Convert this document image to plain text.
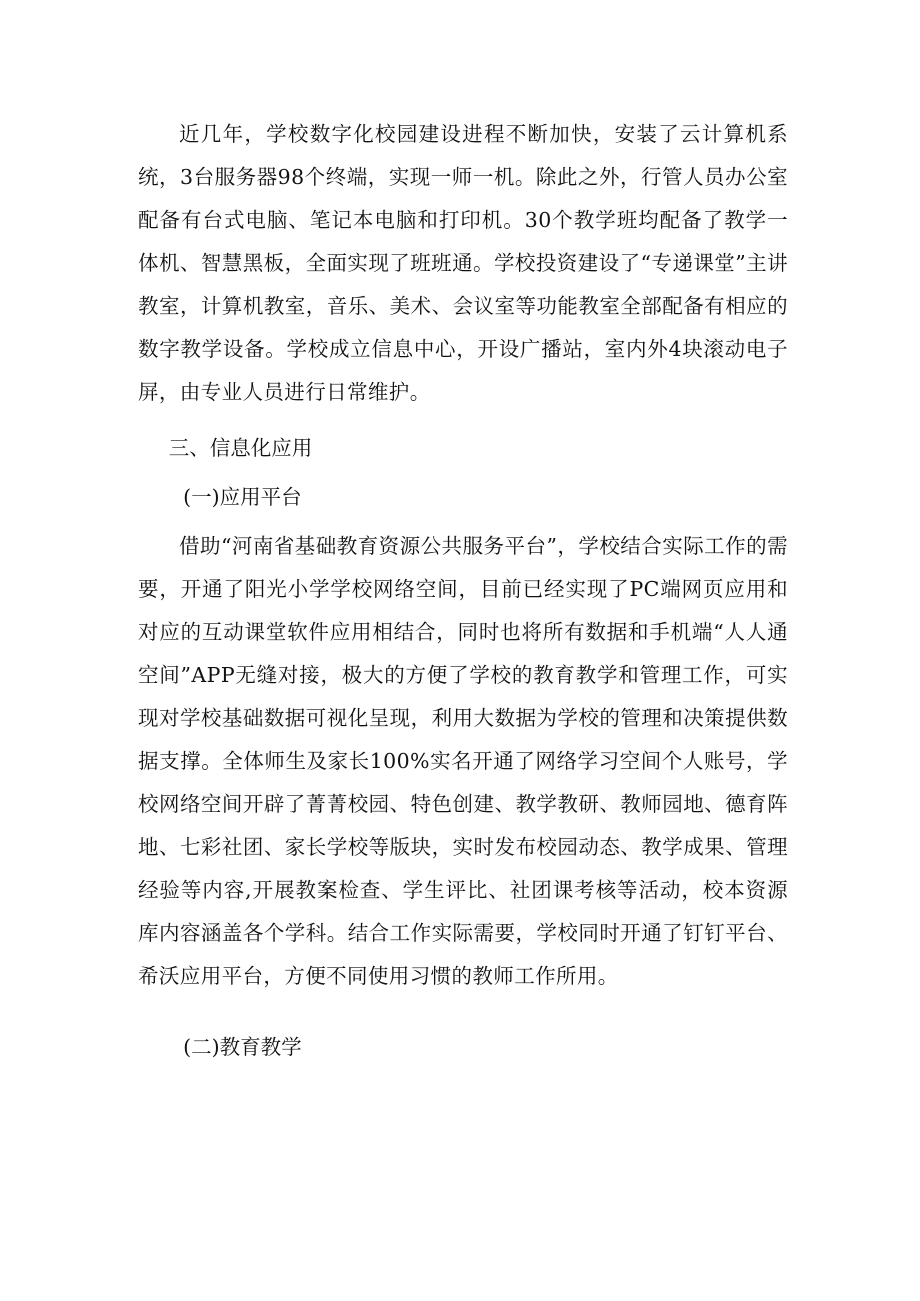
近几年，学校数字化校园建设进程不断加快，安装了云计算机系统，3台服务器98个终端，实现一师一机。除此之外，行管人员办公室配备有台式电脑、笔记本电脑和打印机。30个教学班均配备了教学一体机、智慧黑板，全面实现了班班通。学校投资建设了“专递课堂”主讲教室，计算机教室，音乐、美术、会议室等功能教室全部配备有相应的数字教学设备。学校成立信息中心，开设广播站，室内外4块滚动电子屏，由专业人员进行日常维护。

三、信息化应用

(一)应用平台

借助“河南省基础教育资源公共服务平台”，学校结合实际工作的需要，开通了阳光小学学校网络空间，目前已经实现了PC端网页应用和对应的互动课堂软件应用相结合，同时也将所有数据和手机端“人人通空间”APP无缝对接，极大的方便了学校的教育教学和管理工作，可实现对学校基础数据可视化呈现，利用大数据为学校的管理和决策提供数据支撑。全体师生及家长100%实名开通了网络学习空间个人账号，学校网络空间开辟了菁菁校园、特色创建、教学教研、教师园地、德育阵地、七彩社团、家长学校等版块，实时发布校园动态、教学成果、管理经验等内容,开展教案检查、学生评比、社团课考核等活动，校本资源库内容涵盖各个学科。结合工作实际需要，学校同时开通了钉钉平台、希沃应用平台，方便不同使用习惯的教师工作所用。

(二)教育教学
